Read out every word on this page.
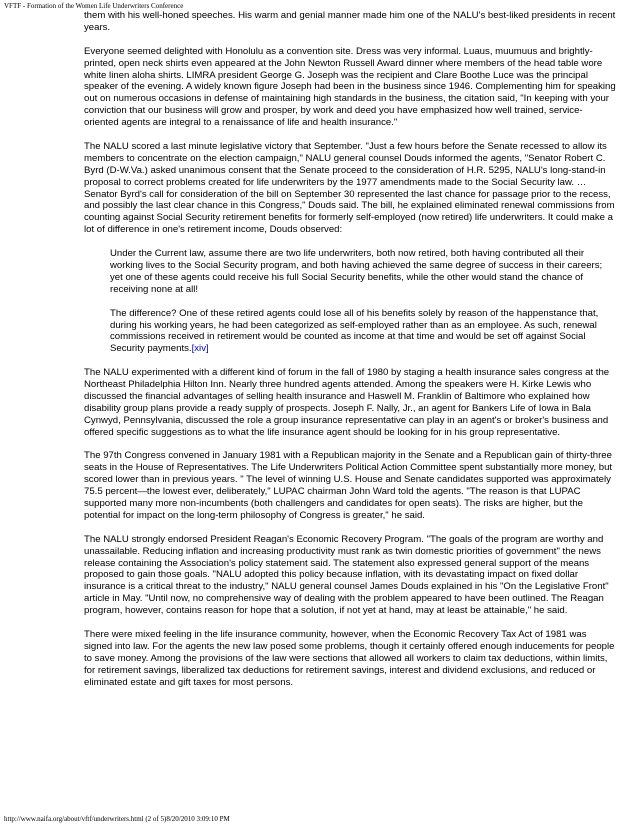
VFTF - Formation of the Women Life Underwriters Conference

them with his well-honed speeches. His warm and genial manner made him one of the NALU's best-liked presidents in recent years.

Everyone seemed delighted with Honolulu as a convention site. Dress was very informal. Luaus, muumuus and brightly-printed, open neck shirts even appeared at the John Newton Russell Award dinner where members of the head table wore white linen aloha shirts. LIMRA president George G. Joseph was the recipient and Clare Boothe Luce was the principal speaker of the evening. A widely known figure Joseph had been in the business since 1946. Complementing him for speaking out on numerous occasions in defense of maintaining high standards in the business, the citation said, "In keeping with your conviction that our business will grow and prosper, by work and deed you have emphasized how well trained, service-oriented agents are integral to a renaissance of life and health insurance."

The NALU scored a last minute legislative victory that September. "Just a few hours before the Senate recessed to allow its members to concentrate on the election campaign," NALU general counsel Douds informed the agents, "Senator Robert C. Byrd (D-W.Va.) asked unanimous consent that the Senate proceed to the consideration of H.R. 5295, NALU's long-stand-in proposal to correct problems created for life underwriters by the 1977 amendments made to the Social Security law. …Senator Byrd's call for consideration of the bill on September 30 represented the last chance for passage prior to the recess, and possibly the last clear chance in this Congress," Douds said. The bill, he explained eliminated renewal commissions from counting against Social Security retirement benefits for formerly self-employed (now retired) life underwriters. It could make a lot of difference in one's retirement income, Douds observed:

Under the Current law, assume there are two life underwriters, both now retired, both having contributed all their working lives to the Social Security program, and both having achieved the same degree of success in their careers; yet one of these agents could receive his full Social Security benefits, while the other would stand the chance of receiving none at all!

The difference? One of these retired agents could lose all of his benefits solely by reason of the happenstance that, during his working years, he had been categorized as self-employed rather than as an employee. As such, renewal commissions received in retirement would be counted as income at that time and would be set off against Social Security payments.[xiv]

The NALU experimented with a different kind of forum in the fall of 1980 by staging a health insurance sales congress at the Northeast Philadelphia Hilton Inn. Nearly three hundred agents attended. Among the speakers were H. Kirke Lewis who discussed the financial advantages of selling health insurance and Haswell M. Franklin of Baltimore who explained how disability group plans provide a ready supply of prospects. Joseph F. Nally, Jr., an agent for Bankers Life of Iowa in Bala Cynwyd, Pennsylvania, discussed the role a group insurance representative can play in an agent's or broker's business and offered specific suggestions as to what the life insurance agent should be looking for in his group representative.

The 97th Congress convened in January 1981 with a Republican majority in the Senate and a Republican gain of thirty-three seats in the House of Representatives. The Life Underwriters Political Action Committee spent substantially more money, but scored lower than in previous years. " The level of winning U.S. House and Senate candidates supported was approximately 75.5 percent—the lowest ever, deliberately," LUPAC chairman John Ward told the agents. "The reason is that LUPAC supported many more non-incumbents (both challengers and candidates for open seats). The risks are higher, but the potential for impact on the long-term philosophy of Congress is greater," he said.

The NALU strongly endorsed President Reagan's Economic Recovery Program. "The goals of the program are worthy and unassailable. Reducing inflation and increasing productivity must rank as twin domestic priorities of government" the news release containing the Association's policy statement said. The statement also expressed general support of the means proposed to gain those goals. "NALU adopted this policy because inflation, with its devastating impact on fixed dollar insurance is a critical threat to the industry," NALU general counsel James Douds explained in his "On the Legislative Front" article in May. "Until now, no comprehensive way of dealing with the problem appeared to have been outlined. The Reagan program, however, contains reason for hope that a solution, if not yet at hand, may at least be attainable," he said.

There were mixed feeling in the life insurance community, however, when the Economic Recovery Tax Act of 1981 was signed into law. For the agents the new law posed some problems, though it certainly offered enough inducements for people to save money. Among the provisions of the law were sections that allowed all workers to claim tax deductions, within limits, for retirement savings, liberalized tax deductions for retirement savings, interest and dividend exclusions, and reduced or eliminated estate and gift taxes for most persons.

http://www.naifa.org/about/vftf/underwriters.html (2 of 5)8/20/2010 3:09:10 PM
